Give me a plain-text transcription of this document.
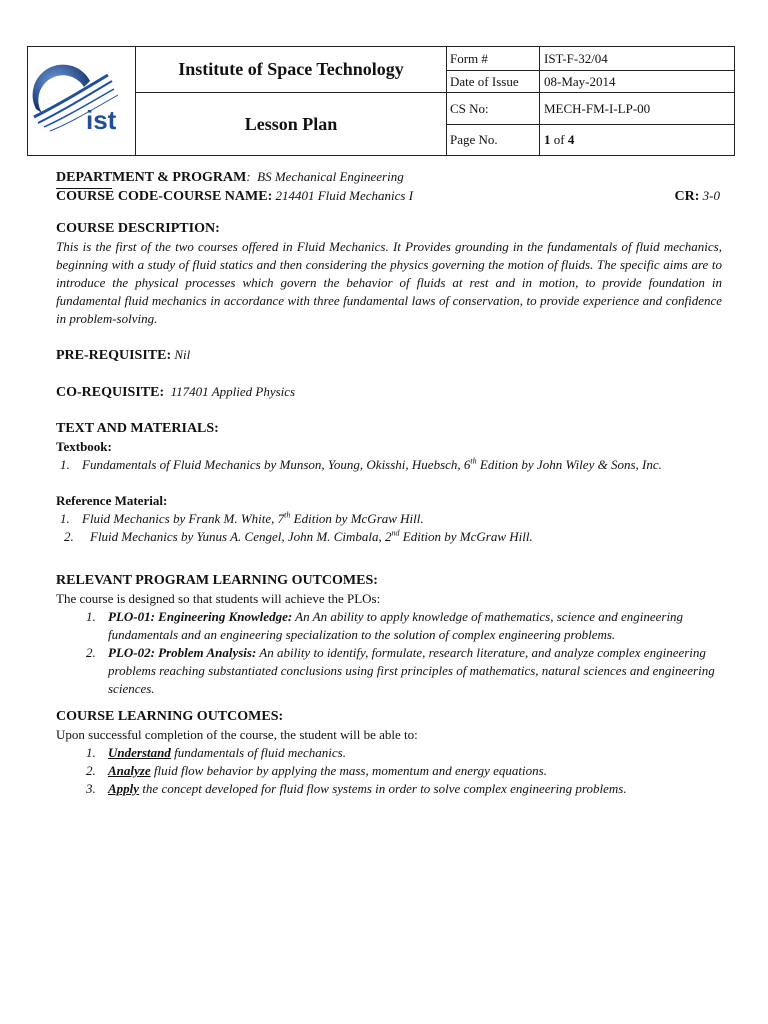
ist	Institute of Space Technology	Form #	IST-F-32/04
		Date of Issue	08-May-2014
	Lesson Plan	CS No:	MECH-FM-I-LP-00
		Page No.	1 of 4
DEPARTMENT & PROGRAM: BS Mechanical Engineering
COURSE CODE-COURSE NAME: 214401 Fluid Mechanics I	CR: 3-0
COURSE DESCRIPTION:
This is the first of the two courses offered in Fluid Mechanics. It Provides grounding in the fundamentals of fluid mechanics, beginning with a study of fluid statics and then considering the physics governing the motion of fluids. The specific aims are to introduce the physical processes which govern the behavior of fluids at rest and in motion, to provide foundation in fundamental fluid mechanics in accordance with three fundamental laws of conservation, to provide experience and confidence in problem-solving.
PRE-REQUISITE: Nil
CO-REQUISITE: 117401 Applied Physics
TEXT AND MATERIALS:
Textbook:
1. Fundamentals of Fluid Mechanics by Munson, Young, Okisshi, Huebsch, 6th Edition by John Wiley & Sons, Inc.
Reference Material:
1. Fluid Mechanics by Frank M. White, 7th Edition by McGraw Hill.
2.	Fluid Mechanics by Yunus A. Cengel, John M. Cimbala, 2nd Edition by McGraw Hill.
RELEVANT PROGRAM LEARNING OUTCOMES:
The course is designed so that students will achieve the PLOs:
1. PLO-01: Engineering Knowledge: An An ability to apply knowledge of mathematics, science and engineering fundamentals and an engineering specialization to the solution of complex engineering problems.
2. PLO-02: Problem Analysis: An ability to identify, formulate, research literature, and analyze complex engineering problems reaching substantiated conclusions using first principles of mathematics, natural sciences and engineering sciences.
COURSE LEARNING OUTCOMES:
Upon successful completion of the course, the student will be able to:
1. Understand fundamentals of fluid mechanics.
2. Analyze fluid flow behavior by applying the mass, momentum and energy equations.
3. Apply the concept developed for fluid flow systems in order to solve complex engineering problems.
